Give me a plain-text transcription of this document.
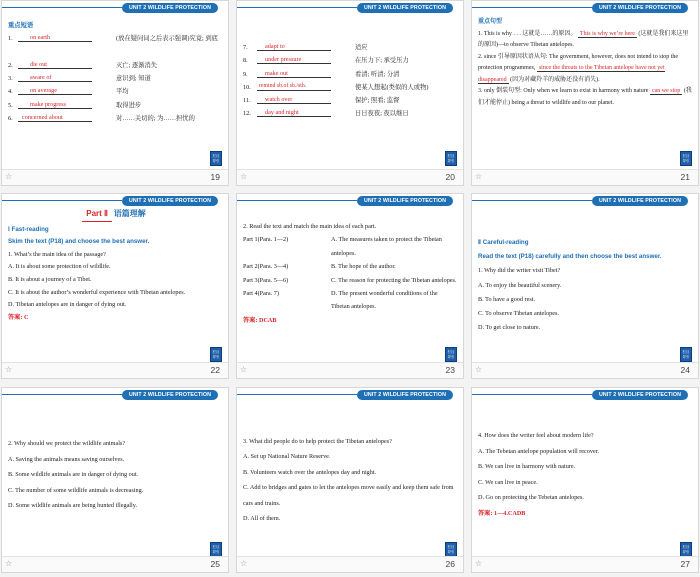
UNIT 2 WILDLIFE PROTECTION
重点短语
1.	on earth	(放在疑问词之后表示强调)究竟; 到底
2.	die out	灭亡; 逐渐消失
3.	aware of	意识到; 知道
4.	on average	平均
5.	make progress	取得进步
6. concerned about	对……关切的; 为……担忧的
栏目
导引
☆	19
UNIT 2 WILDLIFE PROTECTION
7.	adapt to	适应
8.	under pressure	在压力下; 承受压力
9.	make out	看清; 听清; 分清
10. remind sb.of sb./sth.	使某人想起(类似的人或物)
11. watch over	保护; 照看; 监督
12. day and night	日日夜夜; 夜以继日
栏目
导引
☆	20
UNIT 2 WILDLIFE PROTECTION
重点句型
1. This is why . . . 这就是……的原因。 This is why we’re here (这就是我们来这里的原因)—to observe Tibetan antelopes.
2. since 引导原因状语从句: The government, however, does not intend to stop the protection programmes, since the threats to the Tibetan antelope have not yet disappeared (因为对藏羚羊的威胁还没有消失).
3. only 倒装句型: Only when we learn to exist in harmony with nature can we stop (我们才能停止) being a threat to wildlife and to our planet.
栏目
导引
☆	21
UNIT 2 WILDLIFE PROTECTION
Part Ⅱ 语篇理解
Ⅰ Fast-reading
Skim the text (P18) and choose the best answer.
1. What’s the main idea of the passage?
A. It is about some protection of wildlife.
B. It is about a journey of a Tibet.
C. It is about the author’s wonderful experience with Tibetan antelopes.
D. Tibetan antelopes are in danger of dying out.
答案: C
栏目
导引
☆	22
UNIT 2 WILDLIFE PROTECTION
2. Read the text and match the main idea of each part.
Part 1(Para. 1—2)	A. The measures taken to protect the Tibetan antelopes.
Part 2(Para. 3—4)	B. The hope of the author.
Part 3(Para. 5—6)	C. The reason for protecting the Tibetan antelopes.
Part 4(Para. 7)	D. The present wonderful conditions of the Tibetan antelopes.
答案: DCAB
栏目
导引
☆	23
UNIT 2 WILDLIFE PROTECTION
Ⅱ Careful-reading
Read the text (P18) carefully and then choose the best answer.
1. Why did the writer visit Tibet?
A. To enjoy the beautiful scenery.
B. To have a good rest.
C. To observe Tibetan antelopes.
D. To get close to nature.
栏目
导引
☆	24
UNIT 2 WILDLIFE PROTECTION
2. Why should we protect the wildlife animals?
A. Saving the animals means saving ourselves.
B. Some wildlife animals are in danger of dying out.
C. The number of some wildlife animals is decreasing.
D. Some wildlife animals are being hunted illegally.
栏目
导引
☆	25
UNIT 2 WILDLIFE PROTECTION
3. What did people do to help protect the Tibetan antelopes?
A. Set up National Nature Reserve.
B. Volunteers watch over the antelopes day and night.
C. Add to bridges and gates to let the antelopes move easily and keep them safe from cars and trains.
D. All of them.
栏目
导引
☆	26
UNIT 2 WILDLIFE PROTECTION
4. How does the writer feel about modern life?
A. The Tebetan antelope population will recover.
B. We can live in harmony with nature.
C. We can live in peace.
D. Go on protecting the Tebetan antelopes.
答案: 1—4.CADB
栏目
导引
☆	27
